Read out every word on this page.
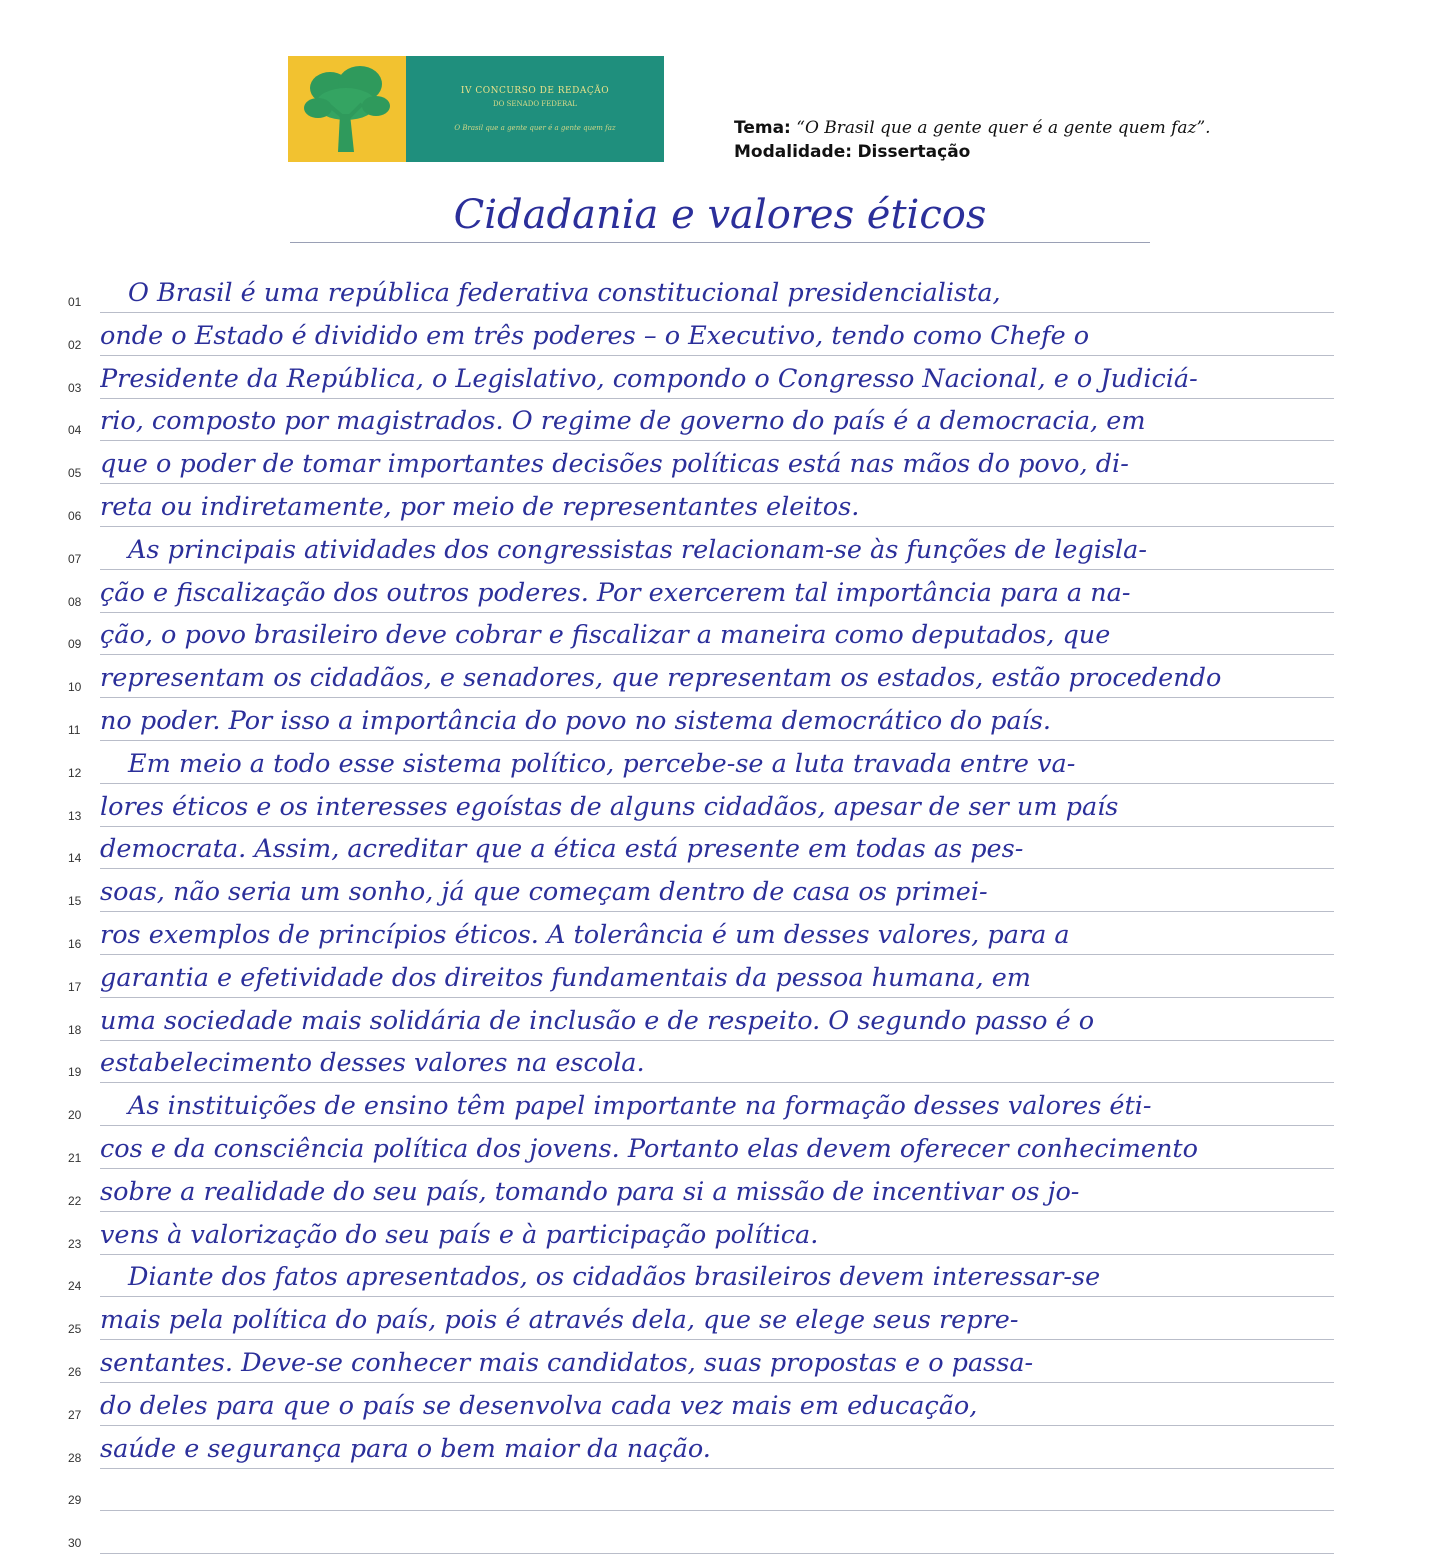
IV CONCURSO DE REDAÇÃO
DO SENADO FEDERAL
O Brasil que a gente quer é a gente quem faz	Tema: “O Brasil que a gente quer é a gente quem faz”.
Modalidade: Dissertação
Cidadania e valores éticos
01	O Brasil é uma república federativa constitucional presidencialista,
02 onde o Estado é dividido em três poderes – o Executivo, tendo como Chefe o
03 Presidente da República, o Legislativo, compondo o Congresso Nacional, e o Judiciá-
04 rio, composto por magistrados. O regime de governo do país é a democracia, em
05 que o poder de tomar importantes decisões políticas está nas mãos do povo, di-
06 reta ou indiretamente, por meio de representantes eleitos.
07	As principais atividades dos congressistas relacionam-se às funções de legisla-
08 ção e fiscalização dos outros poderes. Por exercerem tal importância para a na-
09 ção, o povo brasileiro deve cobrar e fiscalizar a maneira como deputados, que
10 representam os cidadãos, e senadores, que representam os estados, estão procedendo
11 no poder. Por isso a importância do povo no sistema democrático do país.
12	Em meio a todo esse sistema político, percebe-se a luta travada entre va-
13 lores éticos e os interesses egoístas de alguns cidadãos, apesar de ser um país
14 democrata. Assim, acreditar que a ética está presente em todas as pes-
15 soas, não seria um sonho, já que começam dentro de casa os primei-
16 ros exemplos de princípios éticos. A tolerância é um desses valores, para a
17 garantia e efetividade dos direitos fundamentais da pessoa humana, em
18 uma sociedade mais solidária de inclusão e de respeito. O segundo passo é o
19 estabelecimento desses valores na escola.
20	As instituições de ensino têm papel importante na formação desses valores éti-
21 cos e da consciência política dos jovens. Portanto elas devem oferecer conhecimento
22 sobre a realidade do seu país, tomando para si a missão de incentivar os jo-
23 vens à valorização do seu país e à participação política.
24	Diante dos fatos apresentados, os cidadãos brasileiros devem interessar-se
25 mais pela política do país, pois é através dela, que se elege seus repre-
26 sentantes. Deve-se conhecer mais candidatos, suas propostas e o passa-
27 do deles para que o país se desenvolva cada vez mais em educação,
28 saúde e segurança para o bem maior da nação.
29
30
